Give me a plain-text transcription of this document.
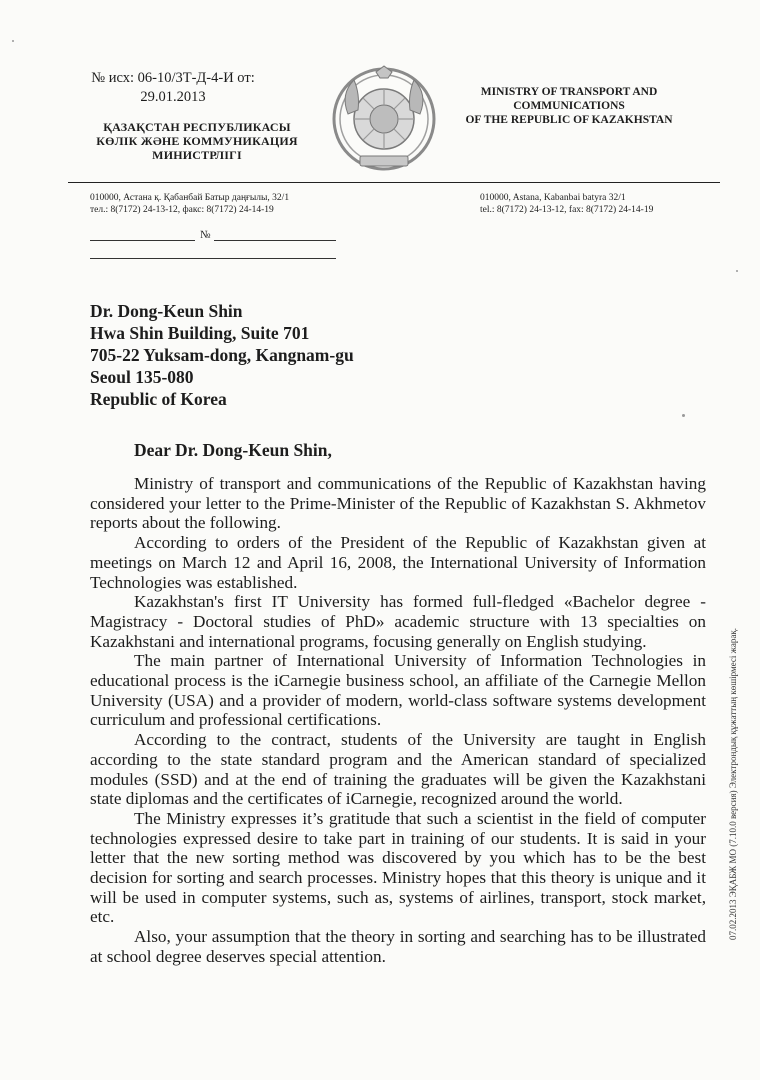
№ исх: 06-10/3Т-Д-4-И от:
29.01.2013
ҚАЗАҚСТАН РЕСПУБЛИКАСЫ
КӨЛІК ЖӘНЕ КОММУНИКАЦИЯ
МИНИСТРЛІГІ
MINISTRY OF TRANSPORT AND
COMMUNICATIONS
OF THE REPUBLIC OF KAZAKHSTAN
010000, Астана қ. Қабанбай Батыр даңғылы, 32/1
тел.: 8(7172) 24-13-12, факс: 8(7172) 24-14-19
010000, Astana, Kabanbai batyra 32/1
tel.: 8(7172) 24-13-12, fax: 8(7172) 24-14-19
№
Dr. Dong-Keun Shin
Hwa Shin Building, Suite 701
705-22 Yuksam-dong, Kangnam-gu
Seoul 135-080
Republic of Korea
Dear Dr. Dong-Keun Shin,

Ministry of transport and communications of the Republic of Kazakhstan having considered your letter to the Prime-Minister of the Republic of Kazakhstan S. Akhmetov reports about the following.

According to orders of the President of the Republic of Kazakhstan given at meetings on March 12 and April 16, 2008, the International University of Information Technologies was established.

Kazakhstan's first IT University has formed full-fledged «Bachelor degree - Magistracy - Doctoral studies of PhD» academic structure with 13 specialties on Kazakhstani and international programs, focusing generally on English studying.

The main partner of International University of Information Technologies in educational process is the iCarnegie business school, an affiliate of the Carnegie Mellon University (USA) and a provider of modern, world-class software systems development curriculum and professional certifications.

According to the contract, students of the University are taught in English according to the state standard program and the American standard of specialized modules (SSD) and at the end of training the graduates will be given the Kazakhstani state diplomas and the certificates of iCarnegie, recognized around the world.

The Ministry expresses it’s gratitude that such a scientist in the field of computer technologies expressed desire to take part in training of our students. It is said in your letter that the new sorting method was discovered by you which has to be the best decision for sorting and search processes. Ministry hopes that this theory is unique and it will be used in computer systems, such as, systems of airlines, transport, stock market, etc.

Also, your assumption that the theory in sorting and searching has to be illustrated at school degree deserves special attention.

07.02.2013 ЭҚАБЖ МО (7.10.0 версия) Электрондық құжаттың көшірмесі жарақ.
